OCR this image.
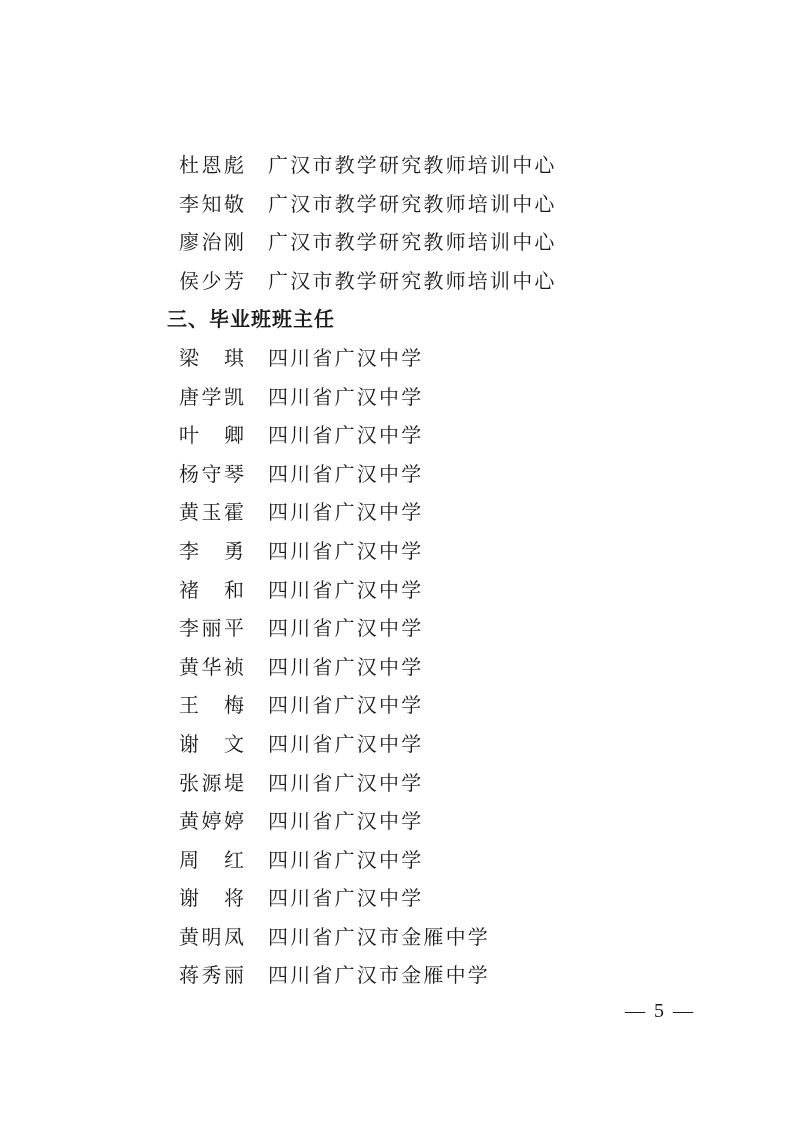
杜恩彪 广汉市教学研究教师培训中心
李知敬 广汉市教学研究教师培训中心
廖治刚 广汉市教学研究教师培训中心
侯少芳 广汉市教学研究教师培训中心
三、毕业班班主任
梁　琪 四川省广汉中学
唐学凯 四川省广汉中学
叶　卿 四川省广汉中学
杨守琴 四川省广汉中学
黄玉霍 四川省广汉中学
李　勇 四川省广汉中学
褚　和 四川省广汉中学
李丽平 四川省广汉中学
黄华祯 四川省广汉中学
王　梅 四川省广汉中学
谢　文 四川省广汉中学
张源堤 四川省广汉中学
黄婷婷 四川省广汉中学
周　红 四川省广汉中学
谢　将 四川省广汉中学
黄明凤 四川省广汉市金雁中学
蒋秀丽 四川省广汉市金雁中学
— 5 —
